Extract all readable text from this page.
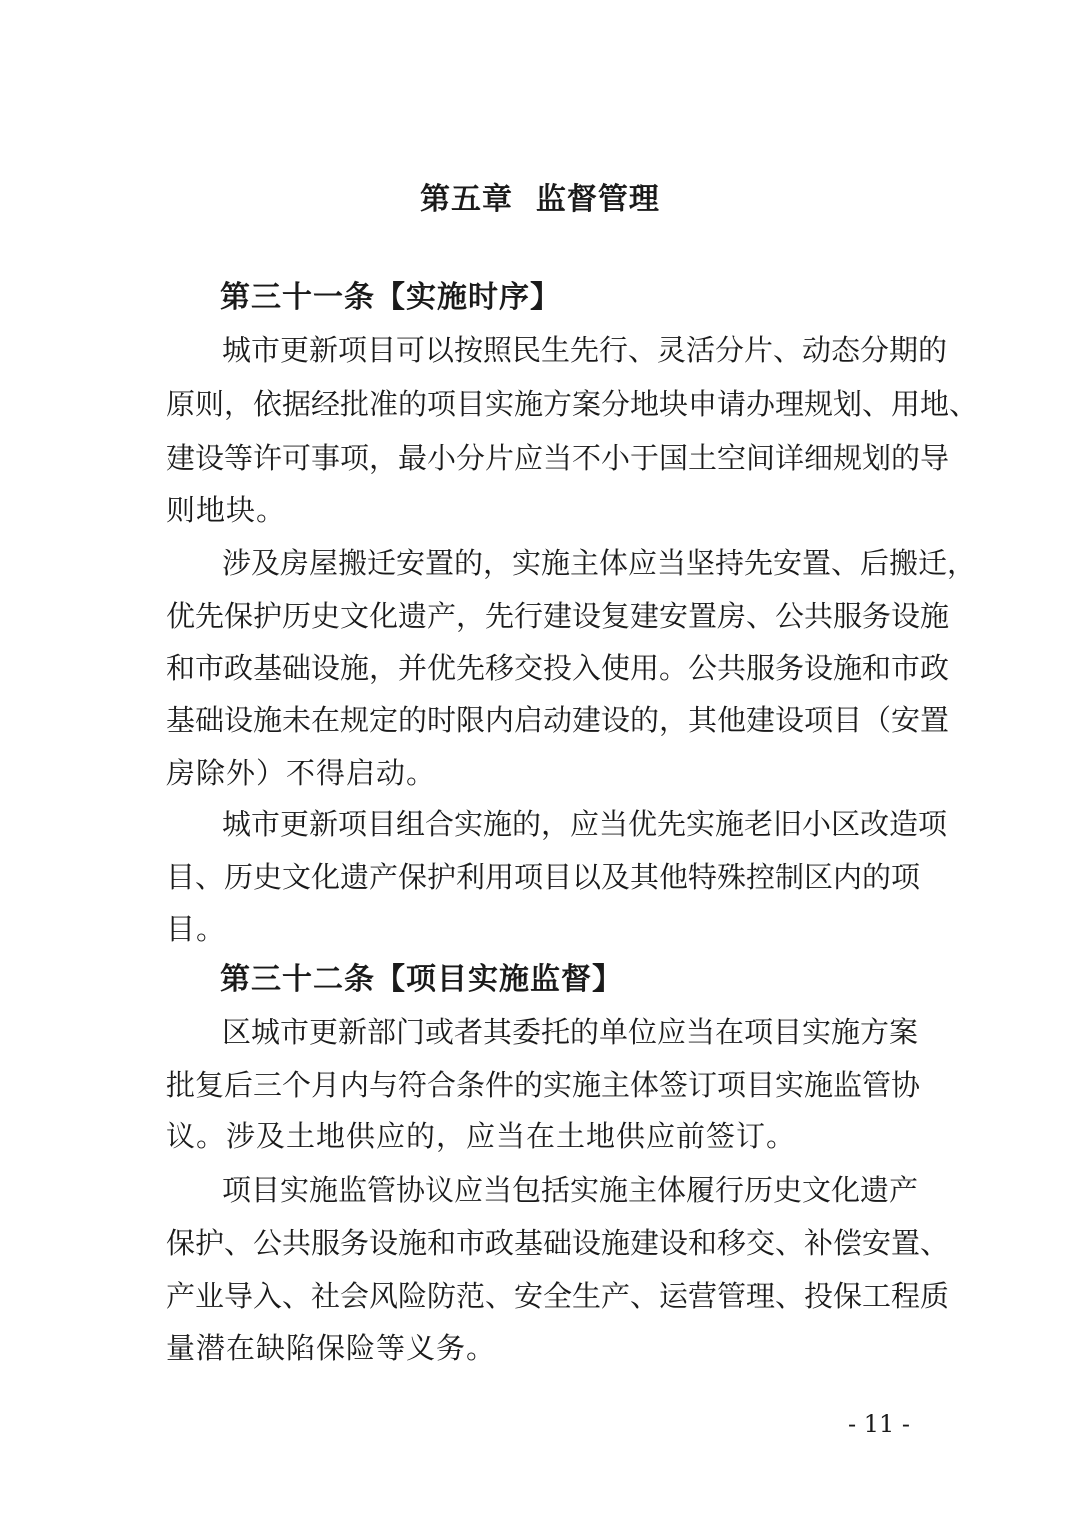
第五章  监督管理
第三十一条【实施时序】
城市更新项目可以按照民生先行、灵活分片、动态分期的
原则，依据经批准的项目实施方案分地块申请办理规划、用地、
建设等许可事项，最小分片应当不小于国土空间详细规划的导
则地块。
涉及房屋搬迁安置的，实施主体应当坚持先安置、后搬迁，
优先保护历史文化遗产，先行建设复建安置房、公共服务设施
和市政基础设施，并优先移交投入使用。公共服务设施和市政
基础设施未在规定的时限内启动建设的，其他建设项目（安置
房除外）不得启动。
城市更新项目组合实施的，应当优先实施老旧小区改造项
目、历史文化遗产保护利用项目以及其他特殊控制区内的项
目。
第三十二条【项目实施监督】
区城市更新部门或者其委托的单位应当在项目实施方案
批复后三个月内与符合条件的实施主体签订项目实施监管协
议。涉及土地供应的，应当在土地供应前签订。
项目实施监管协议应当包括实施主体履行历史文化遗产
保护、公共服务设施和市政基础设施建设和移交、补偿安置、
产业导入、社会风险防范、安全生产、运营管理、投保工程质
量潜在缺陷保险等义务。
- 11 -
